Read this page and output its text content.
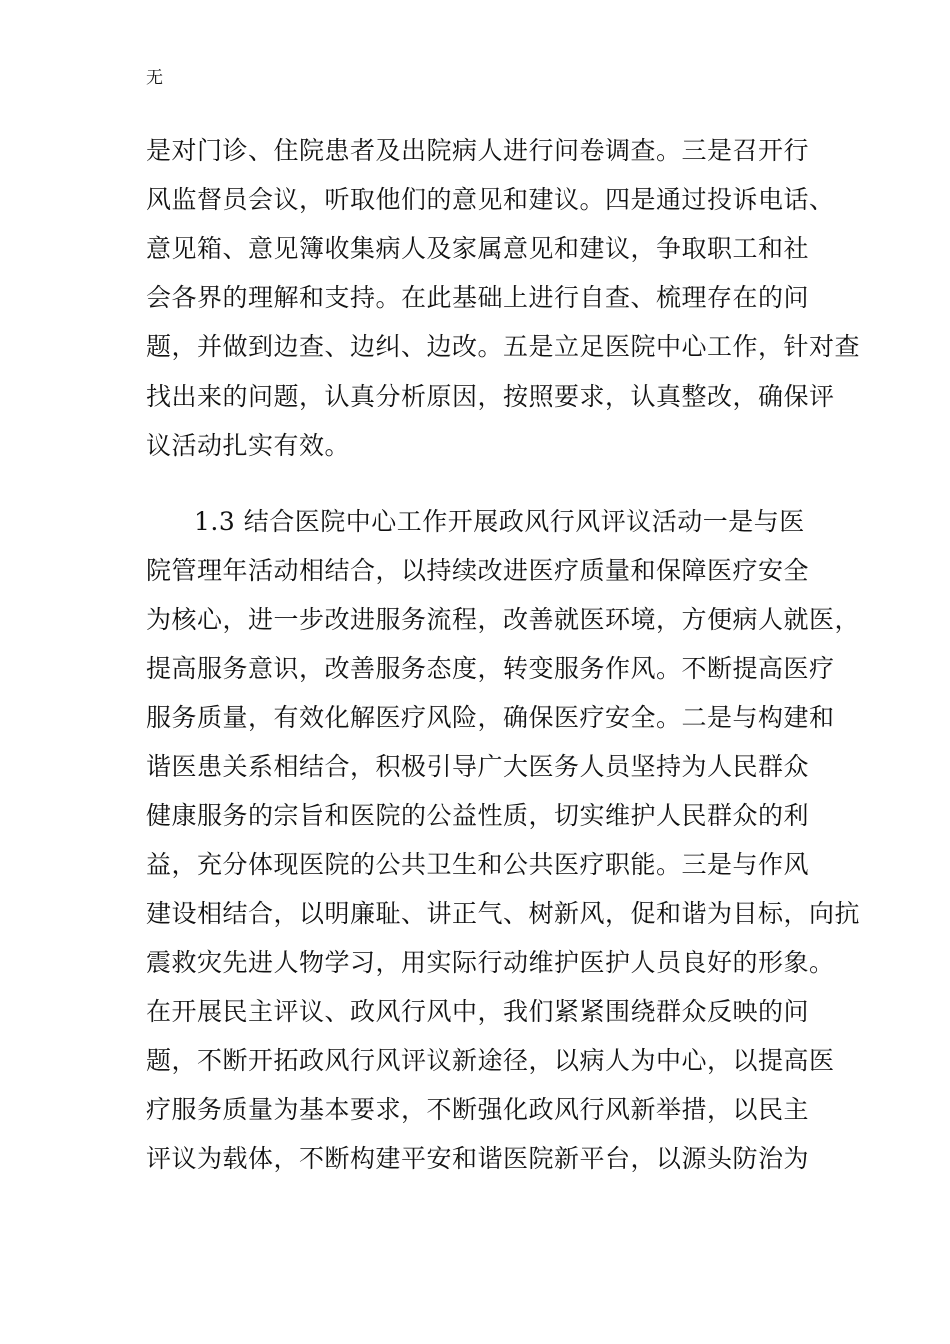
无
是对门诊、住院患者及出院病人进行问卷调查。三是召开行
风监督员会议，听取他们的意见和建议。四是通过投诉电话、
意见箱、意见簿收集病人及家属意见和建议，争取职工和社
会各界的理解和支持。在此基础上进行自查、梳理存在的问
题，并做到边查、边纠、边改。五是立足医院中心工作，针对查
找出来的问题，认真分析原因，按照要求，认真整改，确保评
议活动扎实有效。
1.3 结合医院中心工作开展政风行风评议活动一是与医
院管理年活动相结合，以持续改进医疗质量和保障医疗安全
为核心，进一步改进服务流程，改善就医环境，方便病人就医，
提高服务意识，改善服务态度，转变服务作风。不断提高医疗
服务质量，有效化解医疗风险，确保医疗安全。二是与构建和
谐医患关系相结合，积极引导广大医务人员坚持为人民群众
健康服务的宗旨和医院的公益性质，切实维护人民群众的利
益，充分体现医院的公共卫生和公共医疗职能。三是与作风
建设相结合，以明廉耻、讲正气、树新风，促和谐为目标，向抗
震救灾先进人物学习，用实际行动维护医护人员良好的形象。
在开展民主评议、政风行风中，我们紧紧围绕群众反映的问
题，不断开拓政风行风评议新途径，以病人为中心，以提高医
疗服务质量为基本要求，不断强化政风行风新举措，以民主
评议为载体，不断构建平安和谐医院新平台，以源头防治为
